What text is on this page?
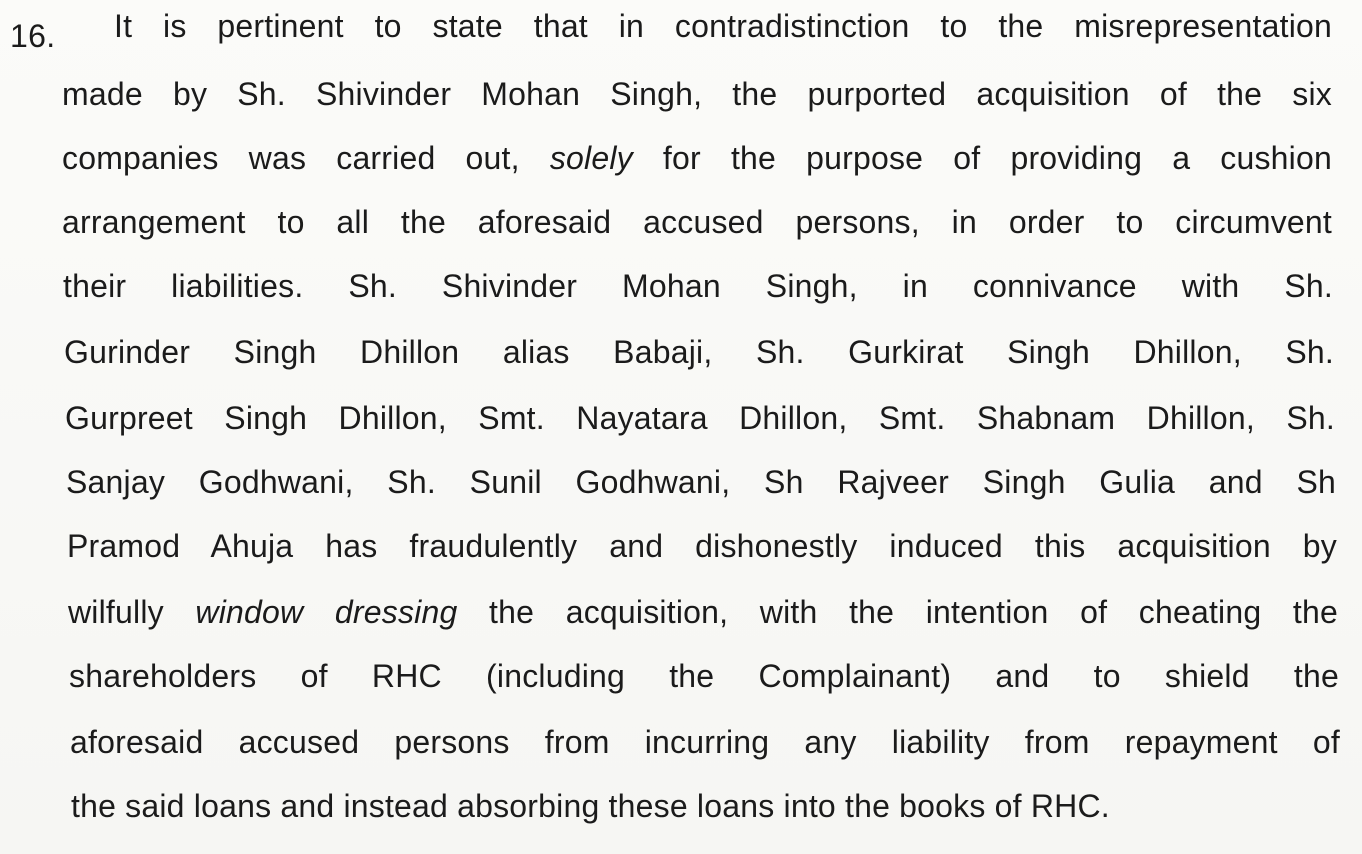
16.	It is pertinent to state that in contradistinction to the misrepresentation
made by Sh. Shivinder Mohan Singh, the purported acquisition of the six
companies was carried out, solely for the purpose of providing a cushion
arrangement to all the aforesaid accused persons, in order to circumvent
their liabilities. Sh. Shivinder Mohan Singh, in connivance with Sh.
Gurinder Singh Dhillon alias Babaji, Sh. Gurkirat Singh Dhillon, Sh.
Gurpreet Singh Dhillon, Smt. Nayatara Dhillon, Smt. Shabnam Dhillon, Sh.
Sanjay Godhwani, Sh. Sunil Godhwani, Sh Rajveer Singh Gulia and Sh
Pramod Ahuja has fraudulently and dishonestly induced this acquisition by
wilfully window dressing the acquisition, with the intention of cheating the
shareholders of RHC (including the Complainant) and to shield the
aforesaid accused persons from incurring any liability from repayment of
the said loans and instead absorbing these loans into the books of RHC.
